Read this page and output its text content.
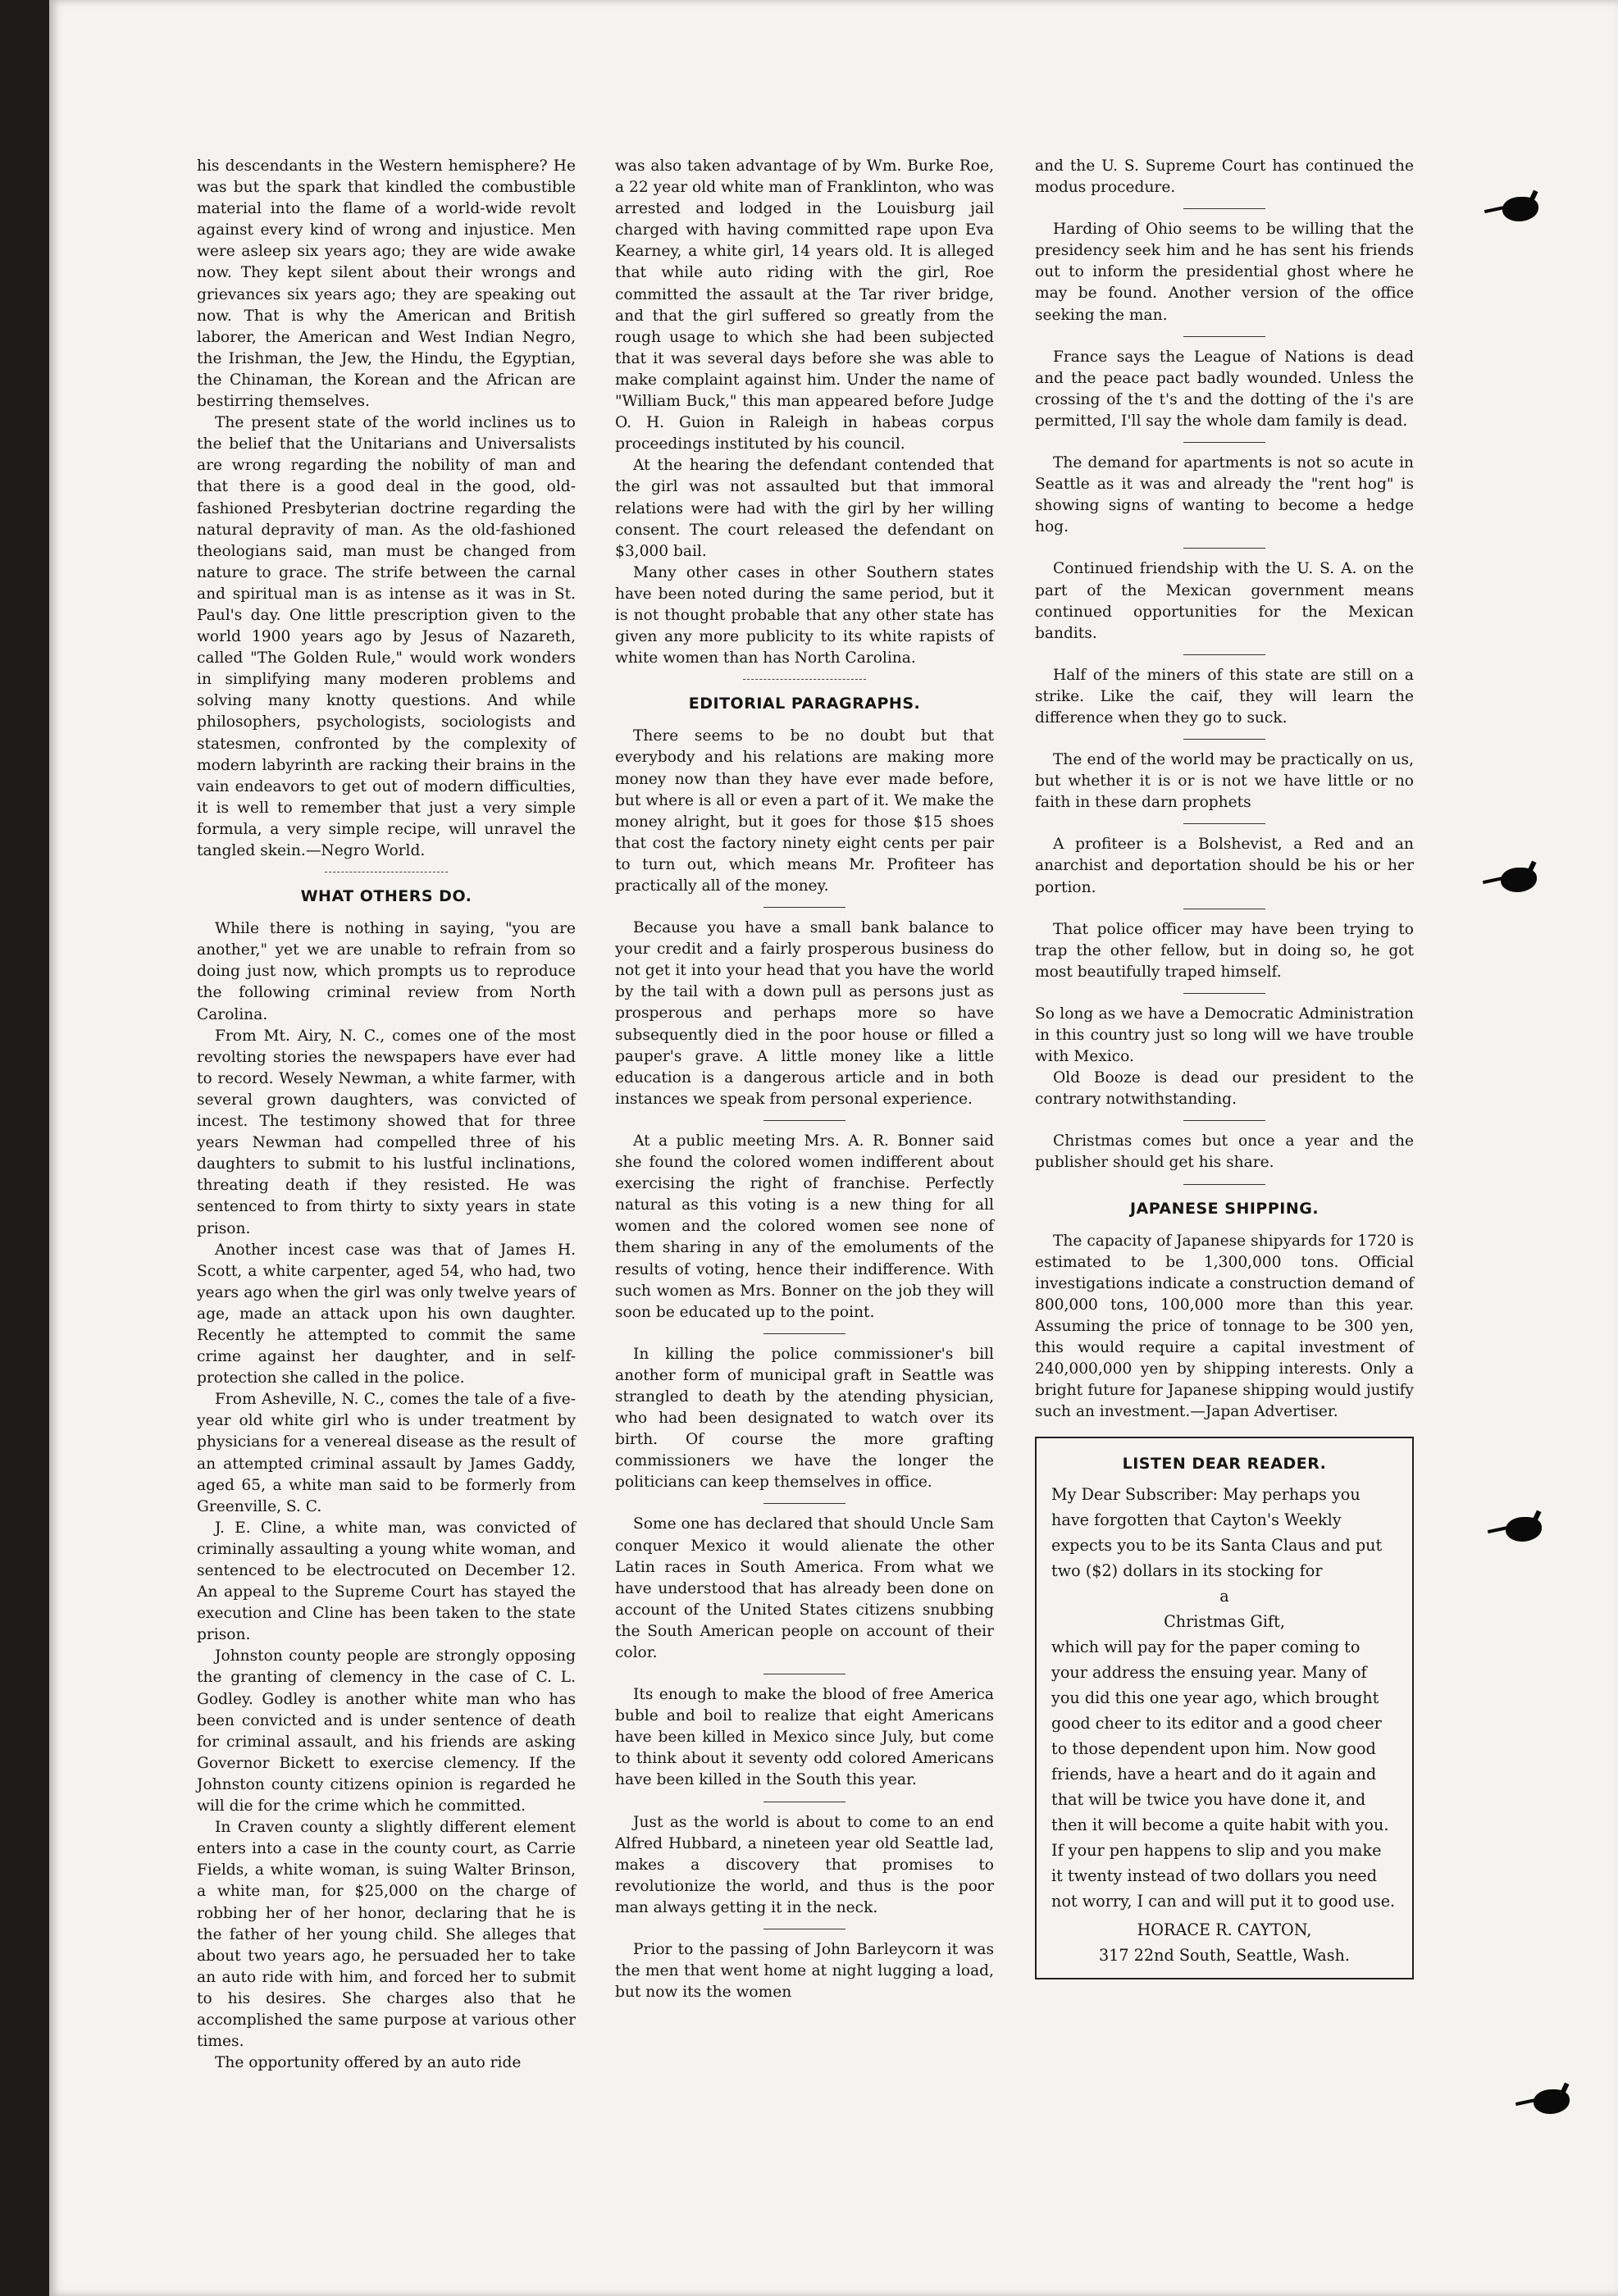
his descendants in the Western hemisphere? He was but the spark that kindled the combustible material into the flame of a world-wide revolt against every kind of wrong and injustice. Men were asleep six years ago; they are wide awake now. They kept silent about their wrongs and grievances six years ago; they are speaking out now. That is why the American and British laborer, the American and West Indian Negro, the Irishman, the Jew, the Hindu, the Egyptian, the Chinaman, the Korean and the African are bestirring themselves.

The present state of the world inclines us to the belief that the Unitarians and Universalists are wrong regarding the nobility of man and that there is a good deal in the good, old-fashioned Presbyterian doctrine regarding the natural depravity of man. As the old-fashioned theologians said, man must be changed from nature to grace. The strife between the carnal and spiritual man is as intense as it was in St. Paul's day. One little prescription given to the world 1900 years ago by Jesus of Nazareth, called "The Golden Rule," would work wonders in simplifying many moderen problems and solving many knotty questions. And while philosophers, psychologists, sociologists and statesmen, confronted by the complexity of modern labyrinth are racking their brains in the vain endeavors to get out of modern difficulties, it is well to remember that just a very simple formula, a very simple recipe, will unravel the tangled skein.—Negro World.

WHAT OTHERS DO.

While there is nothing in saying, "you are another," yet we are unable to refrain from so doing just now, which prompts us to reproduce the following criminal review from North Carolina.

From Mt. Airy, N. C., comes one of the most revolting stories the newspapers have ever had to record. Wesely Newman, a white farmer, with several grown daughters, was convicted of incest. The testimony showed that for three years Newman had compelled three of his daughters to submit to his lustful inclinations, threating death if they resisted. He was sentenced to from thirty to sixty years in state prison.

Another incest case was that of James H. Scott, a white carpenter, aged 54, who had, two years ago when the girl was only twelve years of age, made an attack upon his own daughter. Recently he attempted to commit the same crime against her daughter, and in self-protection she called in the police.

From Asheville, N. C., comes the tale of a five-year old white girl who is under treatment by physicians for a venereal disease as the result of an attempted criminal assault by James Gaddy, aged 65, a white man said to be formerly from Greenville, S. C.

J. E. Cline, a white man, was convicted of criminally assaulting a young white woman, and sentenced to be electrocuted on December 12. An appeal to the Supreme Court has stayed the execution and Cline has been taken to the state prison.

Johnston county people are strongly opposing the granting of clemency in the case of C. L. Godley. Godley is another white man who has been convicted and is under sentence of death for criminal assault, and his friends are asking Governor Bickett to exercise clemency. If the Johnston county citizens opinion is regarded he will die for the crime which he committed.

In Craven county a slightly different element enters into a case in the county court, as Carrie Fields, a white woman, is suing Walter Brinson, a white man, for $25,000 on the charge of robbing her of her honor, declaring that he is the father of her young child. She alleges that about two years ago, he persuaded her to take an auto ride with him, and forced her to submit to his desires. She charges also that he accomplished the same purpose at various other times.

The opportunity offered by an auto ride

was also taken advantage of by Wm. Burke Roe, a 22 year old white man of Franklinton, who was arrested and lodged in the Louisburg jail charged with having committed rape upon Eva Kearney, a white girl, 14 years old. It is alleged that while auto riding with the girl, Roe committed the assault at the Tar river bridge, and that the girl suffered so greatly from the rough usage to which she had been subjected that it was several days before she was able to make complaint against him. Under the name of "William Buck," this man appeared before Judge O. H. Guion in Raleigh in habeas corpus proceedings instituted by his council.

At the hearing the defendant contended that the girl was not assaulted but that immoral relations were had with the girl by her willing consent. The court released the defendant on $3,000 bail.

Many other cases in other Southern states have been noted during the same period, but it is not thought probable that any other state has given any more publicity to its white rapists of white women than has North Carolina.

EDITORIAL PARAGRAPHS.

There seems to be no doubt but that everybody and his relations are making more money now than they have ever made before, but where is all or even a part of it. We make the money alright, but it goes for those $15 shoes that cost the factory ninety eight cents per pair to turn out, which means Mr. Profiteer has practically all of the money.

Because you have a small bank balance to your credit and a fairly prosperous business do not get it into your head that you have the world by the tail with a down pull as persons just as prosperous and perhaps more so have subsequently died in the poor house or filled a pauper's grave. A little money like a little education is a dangerous article and in both instances we speak from personal experience.

At a public meeting Mrs. A. R. Bonner said she found the colored women indifferent about exercising the right of franchise. Perfectly natural as this voting is a new thing for all women and the colored women see none of them sharing in any of the emoluments of the results of voting, hence their indifference. With such women as Mrs. Bonner on the job they will soon be educated up to the point.

In killing the police commissioner's bill another form of municipal graft in Seattle was strangled to death by the atending physician, who had been designated to watch over its birth. Of course the more grafting commissioners we have the longer the politicians can keep themselves in office.

Some one has declared that should Uncle Sam conquer Mexico it would alienate the other Latin races in South America. From what we have understood that has already been done on account of the United States citizens snubbing the South American people on account of their color.

Its enough to make the blood of free America buble and boil to realize that eight Americans have been killed in Mexico since July, but come to think about it seventy odd colored Americans have been killed in the South this year.

Just as the world is about to come to an end Alfred Hubbard, a nineteen year old Seattle lad, makes a discovery that promises to revolutionize the world, and thus is the poor man always getting it in the neck.

Prior to the passing of John Barleycorn it was the men that went home at night lugging a load, but now its the women

and the U. S. Supreme Court has continued the modus procedure.

Harding of Ohio seems to be willing that the presidency seek him and he has sent his friends out to inform the presidential ghost where he may be found. Another version of the office seeking the man.

France says the League of Nations is dead and the peace pact badly wounded. Unless the crossing of the t's and the dotting of the i's are permitted, I'll say the whole dam family is dead.

The demand for apartments is not so acute in Seattle as it was and already the "rent hog" is showing signs of wanting to become a hedge hog.

Continued friendship with the U. S. A. on the part of the Mexican government means continued opportunities for the Mexican bandits.

Half of the miners of this state are still on a strike. Like the caif, they will learn the difference when they go to suck.

The end of the world may be practically on us, but whether it is or is not we have little or no faith in these darn prophets

A profiteer is a Bolshevist, a Red and an anarchist and deportation should be his or her portion.

That police officer may have been trying to trap the other fellow, but in doing so, he got most beautifully traped himself.

So long as we have a Democratic Administration in this country just so long will we have trouble with Mexico.

Old Booze is dead our president to the contrary notwithstanding.

Christmas comes but once a year and the publisher should get his share.

JAPANESE SHIPPING.

The capacity of Japanese shipyards for 1720 is estimated to be 1,300,000 tons. Official investigations indicate a construction demand of 800,000 tons, 100,000 more than this year. Assuming the price of tonnage to be 300 yen, this would require a capital investment of 240,000,000 yen by shipping interests. Only a bright future for Japanese shipping would justify such an investment.—Japan Advertiser.

LISTEN DEAR READER.

My Dear Subscriber: May perhaps you have forgotten that Cayton's Weekly expects you to be its Santa Claus and put two ($2) dollars in its stocking for

a

Christmas Gift,

which will pay for the paper coming to your address the ensuing year. Many of you did this one year ago, which brought good cheer to its editor and a good cheer to those dependent upon him. Now good friends, have a heart and do it again and that will be twice you have done it, and then it will become a quite habit with you. If your pen happens to slip and you make it twenty instead of two dollars you need not worry, I can and will put it to good use.

HORACE R. CAYTON,

317 22nd South, Seattle, Wash.
